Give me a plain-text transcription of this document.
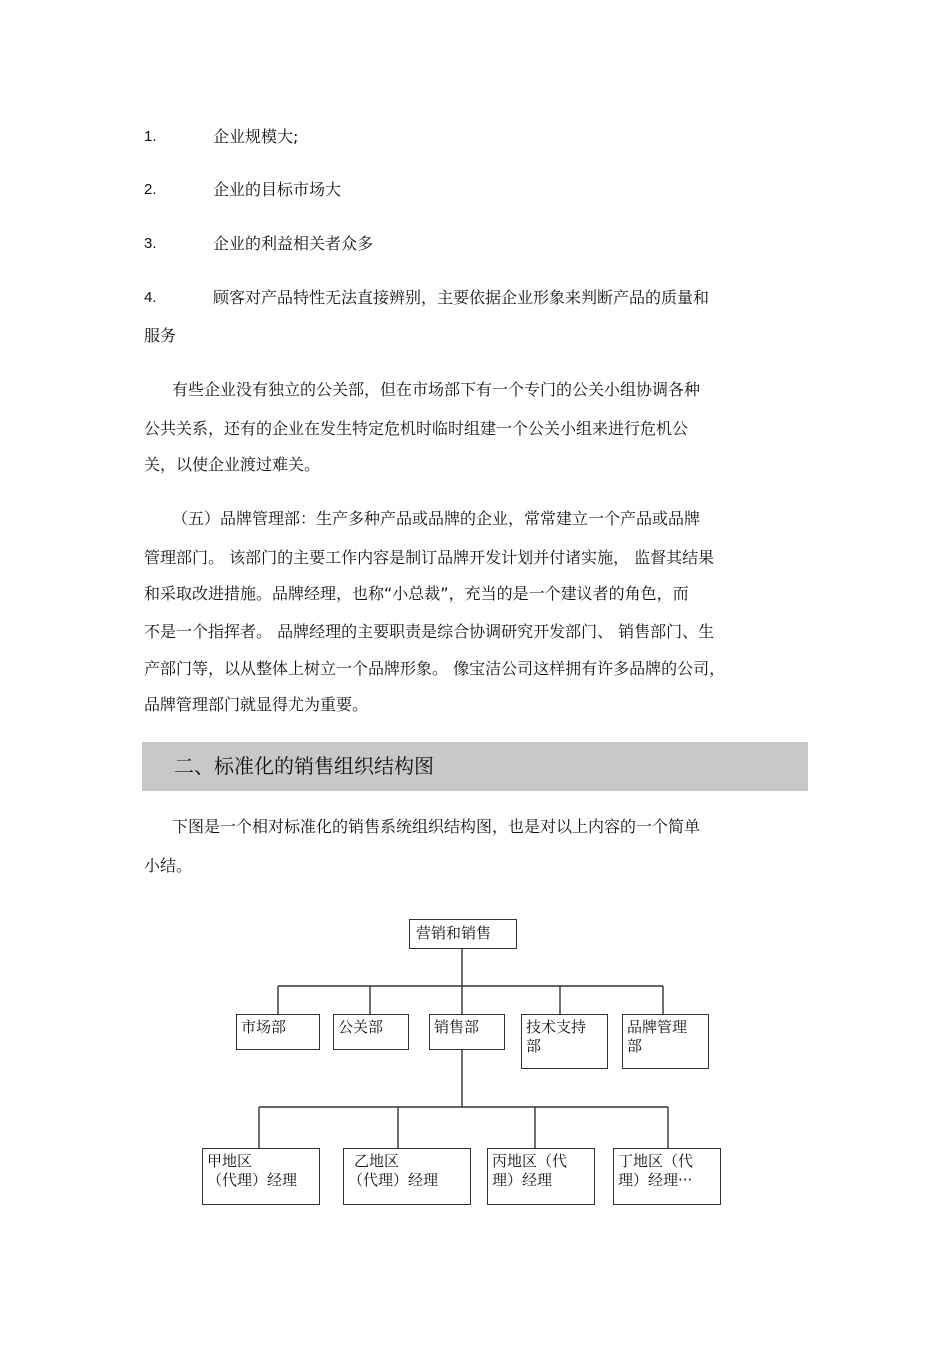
1.	企业规模大;
2.	企业的目标市场大
3.	企业的利益相关者众多
4.	顾客对产品特性无法直接辨别，主要依据企业形象来判断产品的质量和
服务
有些企业没有独立的公关部，但在市场部下有一个专门的公关小组协调各种
公共关系，还有的企业在发生特定危机时临时组建一个公关小组来进行危机公
关，以使企业渡过难关。
（五）品牌管理部：生产多种产品或品牌的企业，常常建立一个产品或品牌
管理部门。 该部门的主要工作内容是制订品牌开发计划并付诸实施， 监督其结果
和采取改进措施。品牌经理，也称“小总裁”，充当的是一个建议者的角色，而
不是一个指挥者。 品牌经理的主要职责是综合协调研究开发部门、 销售部门、生
产部门等，以从整体上树立一个品牌形象。 像宝洁公司这样拥有许多品牌的公司，
品牌管理部门就显得尤为重要。
二、标准化的销售组织结构图
下图是一个相对标准化的销售系统组织结构图，也是对以上内容的一个简单
小结。
营销和销售
市场部	公关部	销售部	技术支持
部
品牌管理
部
甲地区
（代理）经理
乙地区
（代理）经理
丙地区（代
理）经理
丁地区（代
理）经理···
